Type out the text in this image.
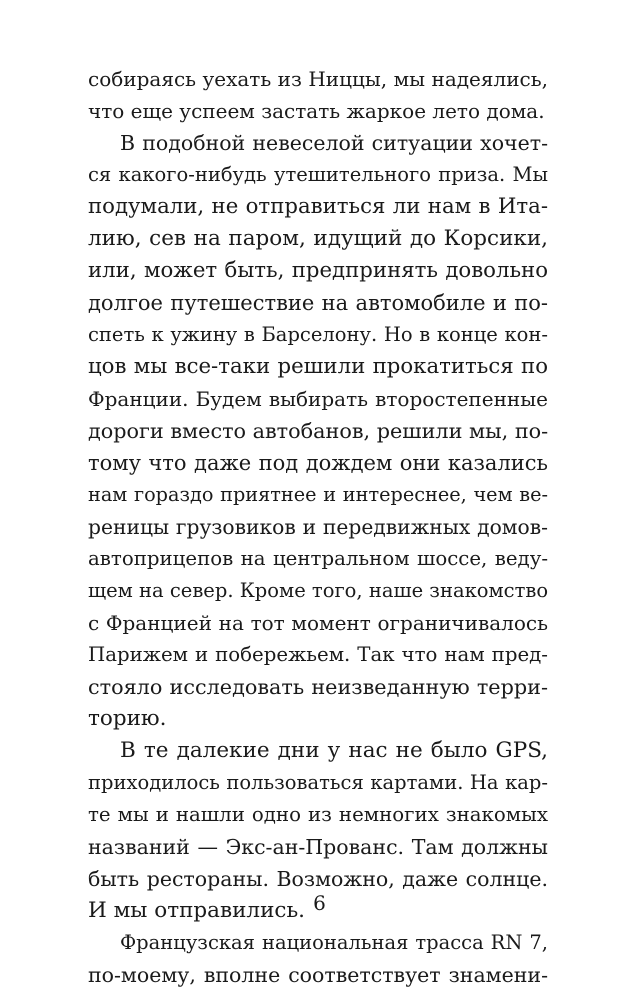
собираясь уехать из Ниццы, мы надеялись,
что еще успеем застать жаркое лето дома.
В подобной невеселой ситуации хочет-
ся какого-нибудь утешительного приза. Мы
подумали, не отправиться ли нам в Ита-
лию, сев на паром, идущий до Корсики,
или, может быть, предпринять довольно
долгое путешествие на автомобиле и по-
спеть к ужину в Барселону. Но в конце кон-
цов мы все-таки решили прокатиться по
Франции. Будем выбирать второстепенные
дороги вместо автобанов, решили мы, по-
тому что даже под дождем они казались
нам гораздо приятнее и интереснее, чем ве-
реницы грузовиков и передвижных домов-
автоприцепов на центральном шоссе, веду-
щем на север. Кроме того, наше знакомство
с Францией на тот момент ограничивалось
Парижем и побережьем. Так что нам пред-
стояло исследовать неизведанную терри-
торию.
В те далекие дни у нас не было GPS,
приходилось пользоваться картами. На кар-
те мы и нашли одно из немногих знакомых
названий — Экс-ан-Прованс. Там должны
быть рестораны. Возможно, даже солнце.
И мы отправились.
Французская национальная трасса RN 7,
по-моему, вполне соответствует знамени-
6
